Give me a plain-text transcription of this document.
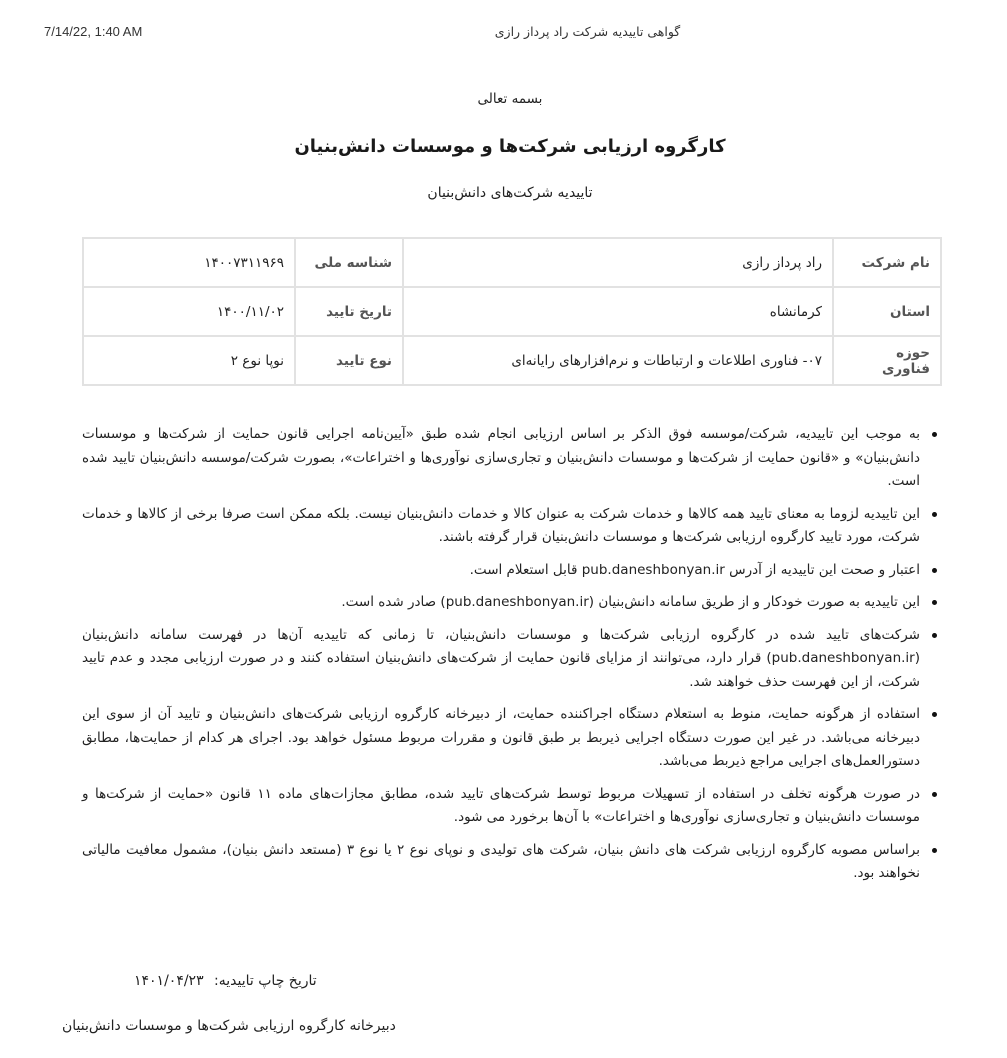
7/14/22, 1:40 AM	گواهی تاییدیه شرکت راد پرداز رازی
بسمه تعالی
کارگروه ارزیابی شرکت‌ها و موسسات دانش‌بنیان
تاییدیه شرکت‌های دانش‌بنیان
نام شرکت	راد پرداز رازی	شناسه ملی	۱۴۰۰۷۳۱۱۹۶۹
استان	کرمانشاه	تاریخ تایید	۱۴۰۰/۱۱/۰۲
حوزه فناوری	۰۷- فناوری اطلاعات و ارتباطات و نرم‌افزارهای رایانه‌ای	نوع تایید	نوپا نوع ۲
به موجب این تاییدیه، شرکت/موسسه فوق الذکر بر اساس ارزیابی انجام شده طبق «آیین‌نامه اجرایی قانون حمایت از شرکت‌ها و موسسات دانش‌بنیان» و «قانون حمایت از شرکت‌ها و موسسات دانش‌بنیان و تجاری‌سازی نوآوری‌ها و اختراعات»، بصورت شرکت/موسسه دانش‌بنیان تایید شده است.
این تاییدیه لزوما به معنای تایید همه کالاها و خدمات شرکت به عنوان کالا و خدمات دانش‌بنیان نیست. بلکه ممکن است صرفا برخی از کالاها و خدمات شرکت، مورد تایید کارگروه ارزیابی شرکت‌ها و موسسات دانش‌بنیان قرار گرفته باشند.
اعتبار و صحت این تاییدیه از آدرس pub.daneshbonyan.ir قابل استعلام است.
این تاییدیه به صورت خودکار و از طریق سامانه دانش‌بنیان (pub.daneshbonyan.ir) صادر شده است.
شرکت‌های تایید شده در کارگروه ارزیابی شرکت‌ها و موسسات دانش‌بنیان، تا زمانی که تاییدیه آن‌ها در فهرست سامانه دانش‌بنیان (pub.daneshbonyan.ir) قرار دارد، می‌توانند از مزایای قانون حمایت از شرکت‌های دانش‌بنیان استفاده کنند و در صورت ارزیابی مجدد و عدم تایید شرکت، از این فهرست حذف خواهند شد.
استفاده از هرگونه حمایت، منوط به استعلام دستگاه اجراکننده حمایت، از دبیرخانه کارگروه ارزیابی شرکت‌های دانش‌بنیان و تایید آن از سوی این دبیرخانه می‌باشد. در غیر این صورت دستگاه اجرایی ذیربط بر طبق قانون و مقررات مربوط مسئول خواهد بود. اجرای هر کدام از حمایت‌ها، مطابق دستورالعمل‌های اجرایی مراجع ذیربط می‌باشد.
در صورت هرگونه تخلف در استفاده از تسهیلات مربوط توسط شرکت‌های تایید شده، مطابق مجازات‌های ماده ۱۱ قانون «حمایت از شرکت‌ها و موسسات دانش‌بنیان و تجاری‌سازی نوآوری‌ها و اختراعات» با آن‌ها برخورد می شود.
براساس مصوبه کارگروه ارزیابی شرکت های دانش بنیان، شرکت های تولیدی و نوپای نوع ۲ یا نوع ۳ (مستعد دانش بنیان)، مشمول معافیت مالیاتی نخواهند بود.
تاریخ چاپ تاییدیه: ۱۴۰۱/۰۴/۲۳
دبیرخانه کارگروه ارزیابی شرکت‌ها و موسسات دانش‌بنیان
